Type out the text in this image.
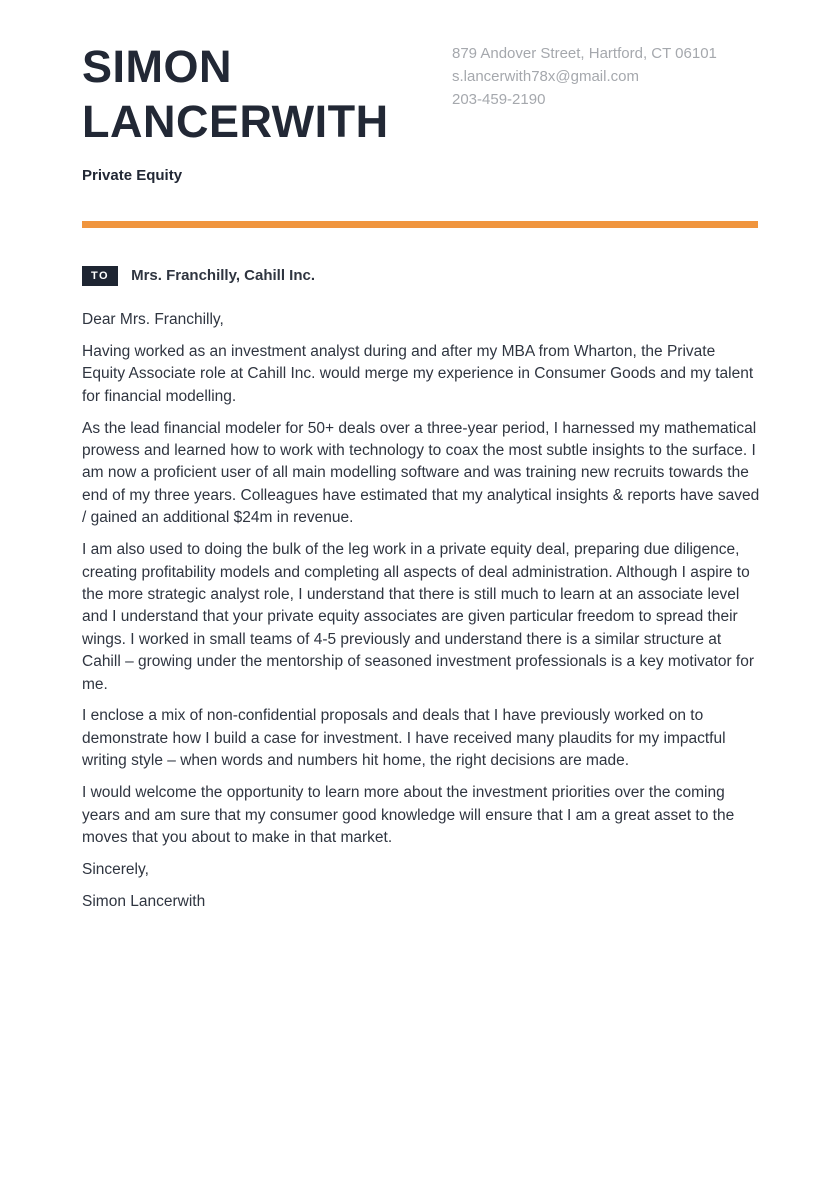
SIMON LANCERWITH
879 Andover Street, Hartford, CT 06101
s.lancerwith78x@gmail.com
203-459-2190
Private Equity
TO	Mrs. Franchilly, Cahill Inc.

Dear Mrs. Franchilly,

Having worked as an investment analyst during and after my MBA from Wharton, the Private Equity Associate role at Cahill Inc. would merge my experience in Consumer Goods and my talent for financial modelling.

As the lead financial modeler for 50+ deals over a three-year period, I harnessed my mathematical prowess and learned how to work with technology to coax the most subtle insights to the surface. I am now a proficient user of all main modelling software and was training new recruits towards the end of my three years. Colleagues have estimated that my analytical insights & reports have saved / gained an additional $24m in revenue.

I am also used to doing the bulk of the leg work in a private equity deal, preparing due diligence, creating profitability models and completing all aspects of deal administration. Although I aspire to the more strategic analyst role, I understand that there is still much to learn at an associate level and I understand that your private equity associates are given particular freedom to spread their wings. I worked in small teams of 4-5 previously and understand there is a similar structure at Cahill – growing under the mentorship of seasoned investment professionals is a key motivator for me.

I enclose a mix of non-confidential proposals and deals that I have previously worked on to demonstrate how I build a case for investment. I have received many plaudits for my impactful writing style – when words and numbers hit home, the right decisions are made.

I would welcome the opportunity to learn more about the investment priorities over the coming years and am sure that my consumer good knowledge will ensure that I am a great asset to the moves that you about to make in that market.

Sincerely,

Simon Lancerwith
